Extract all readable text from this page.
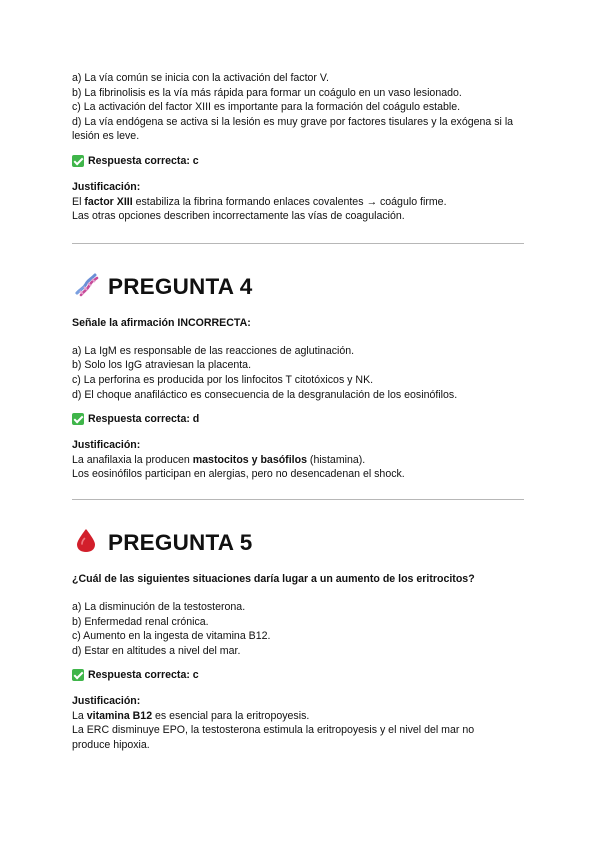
a) La vía común se inicia con la activación del factor V.

b) La fibrinolisis es la vía más rápida para formar un coágulo en un vaso lesionado.

c) La activación del factor XIII es importante para la formación del coágulo estable.

d) La vía endógena se activa si la lesión es muy grave por factores tisulares y la exógena si la lesión es leve.

Respuesta correcta: c

Justificación:

El factor XIII estabiliza la fibrina formando enlaces covalentes → coágulo firme.

Las otras opciones describen incorrectamente las vías de coagulación.

PREGUNTA 4

Señale la afirmación INCORRECTA:

a) La IgM es responsable de las reacciones de aglutinación.

b) Solo los IgG atraviesan la placenta.

c) La perforina es producida por los linfocitos T citotóxicos y NK.

d) El choque anafiláctico es consecuencia de la desgranulación de los eosinófilos.

Respuesta correcta: d

Justificación:

La anafilaxia la producen mastocitos y basófilos (histamina).

Los eosinófilos participan en alergias, pero no desencadenan el shock.

PREGUNTA 5

¿Cuál de las siguientes situaciones daría lugar a un aumento de los eritrocitos?

a) La disminución de la testosterona.

b) Enfermedad renal crónica.

c) Aumento en la ingesta de vitamina B12.

d) Estar en altitudes a nivel del mar.

Respuesta correcta: c

Justificación:

La vitamina B12 es esencial para la eritropoyesis.

La ERC disminuye EPO, la testosterona estimula la eritropoyesis y el nivel del mar no produce hipoxia.
